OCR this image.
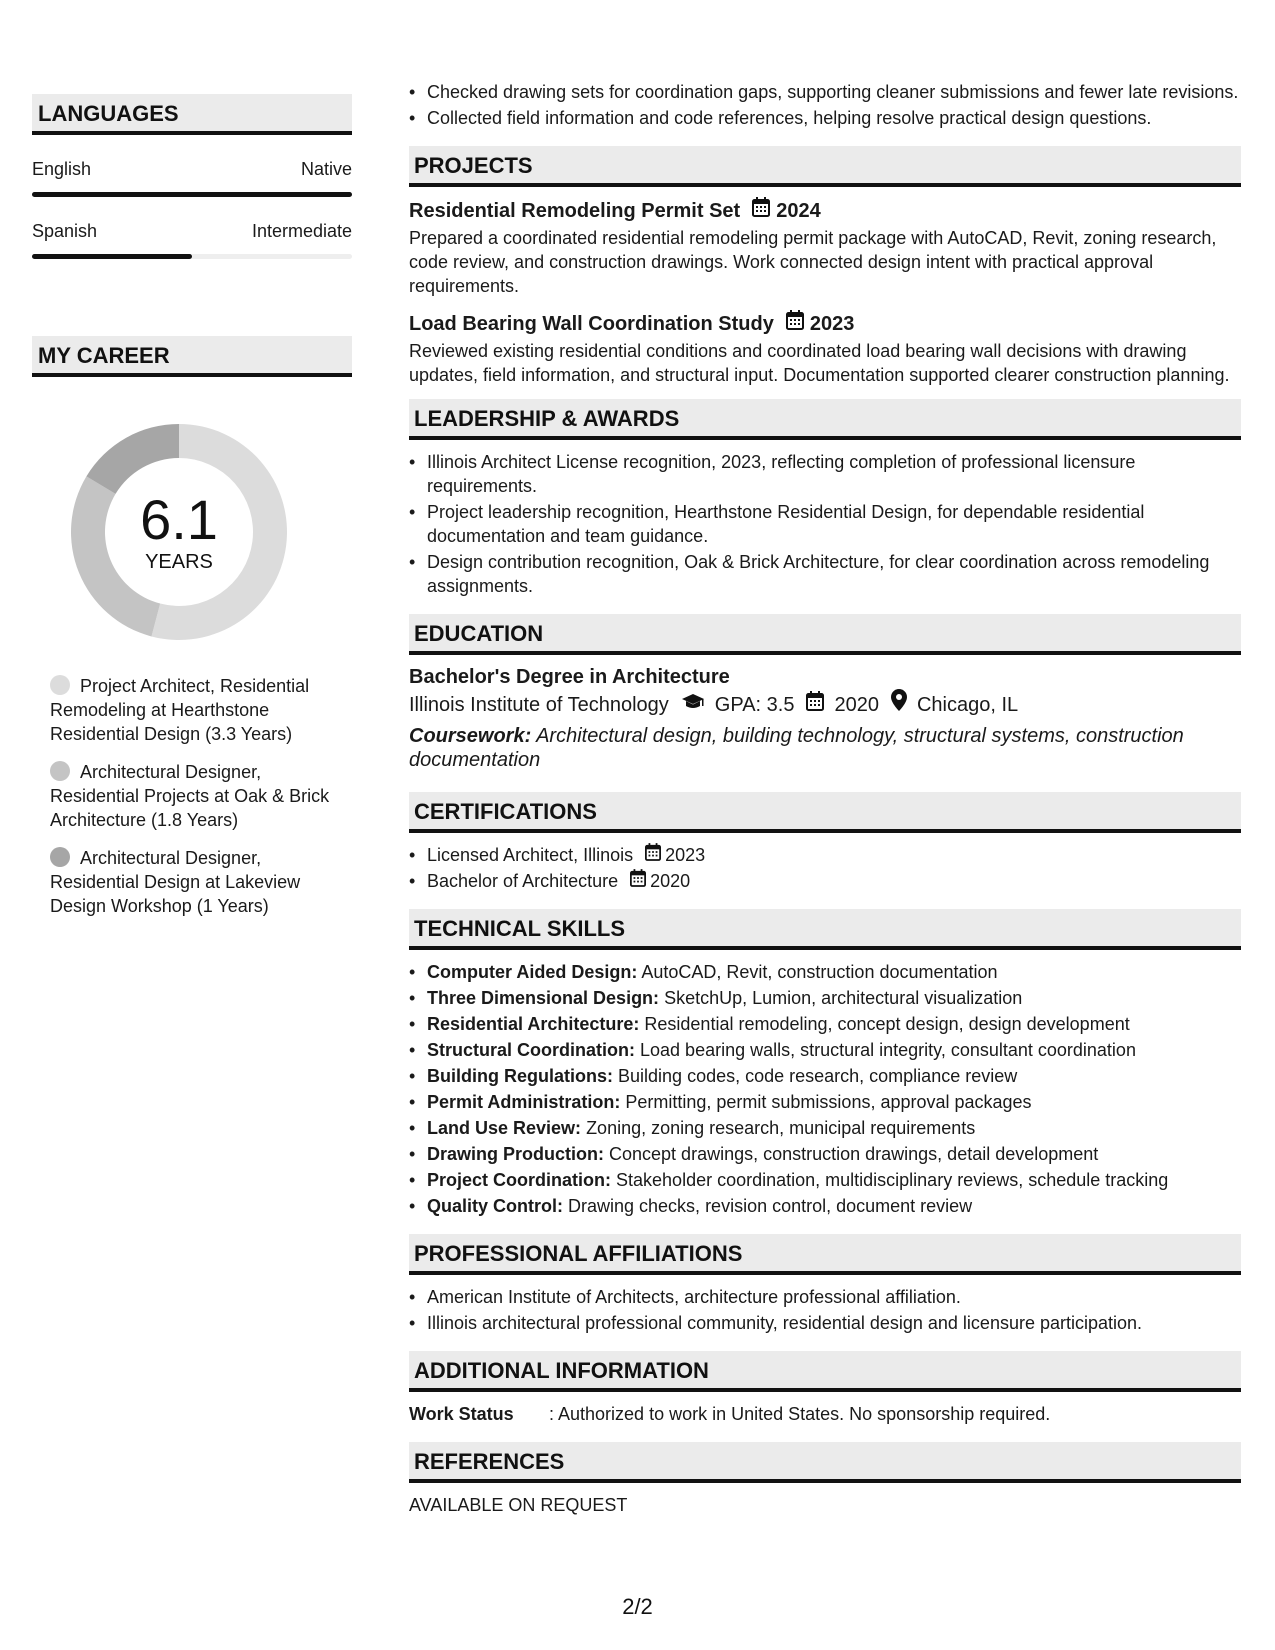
LANGUAGES
English	Native
Spanish	Intermediate
MY CAREER
6.1
YEARS
Project Architect, Residential Remodeling at Hearthstone Residential Design (3.3 Years)
Architectural Designer, Residential Projects at Oak & Brick Architecture (1.8 Years)
Architectural Designer, Residential Design at Lakeview Design Workshop (1 Years)
• Checked drawing sets for coordination gaps, supporting cleaner submissions and fewer late revisions.
• Collected field information and code references, helping resolve practical design questions.
PROJECTS
Residential Remodeling Permit Set 2024
Prepared a coordinated residential remodeling permit package with AutoCAD, Revit, zoning research, code review, and construction drawings. Work connected design intent with practical approval requirements.
Load Bearing Wall Coordination Study 2023
Reviewed existing residential conditions and coordinated load bearing wall decisions with drawing updates, field information, and structural input. Documentation supported clearer construction planning.
LEADERSHIP & AWARDS
• Illinois Architect License recognition, 2023, reflecting completion of professional licensure requirements.
• Project leadership recognition, Hearthstone Residential Design, for dependable residential documentation and team guidance.
• Design contribution recognition, Oak & Brick Architecture, for clear coordination across remodeling assignments.
EDUCATION
Bachelor's Degree in Architecture
Illinois Institute of Technology GPA: 3.5 2020 Chicago, IL
Coursework: Architectural design, building technology, structural systems, construction documentation
CERTIFICATIONS
• Licensed Architect, Illinois 2023
• Bachelor of Architecture 2020
TECHNICAL SKILLS
• Computer Aided Design: AutoCAD, Revit, construction documentation
• Three Dimensional Design: SketchUp, Lumion, architectural visualization
• Residential Architecture: Residential remodeling, concept design, design development
• Structural Coordination: Load bearing walls, structural integrity, consultant coordination
• Building Regulations: Building codes, code research, compliance review
• Permit Administration: Permitting, permit submissions, approval packages
• Land Use Review: Zoning, zoning research, municipal requirements
• Drawing Production: Concept drawings, construction drawings, detail development
• Project Coordination: Stakeholder coordination, multidisciplinary reviews, schedule tracking
• Quality Control: Drawing checks, revision control, document review
PROFESSIONAL AFFILIATIONS
• American Institute of Architects, architecture professional affiliation.
• Illinois architectural professional community, residential design and licensure participation.
ADDITIONAL INFORMATION
Work Status	: Authorized to work in United States. No sponsorship required.
REFERENCES
AVAILABLE ON REQUEST
2/2
